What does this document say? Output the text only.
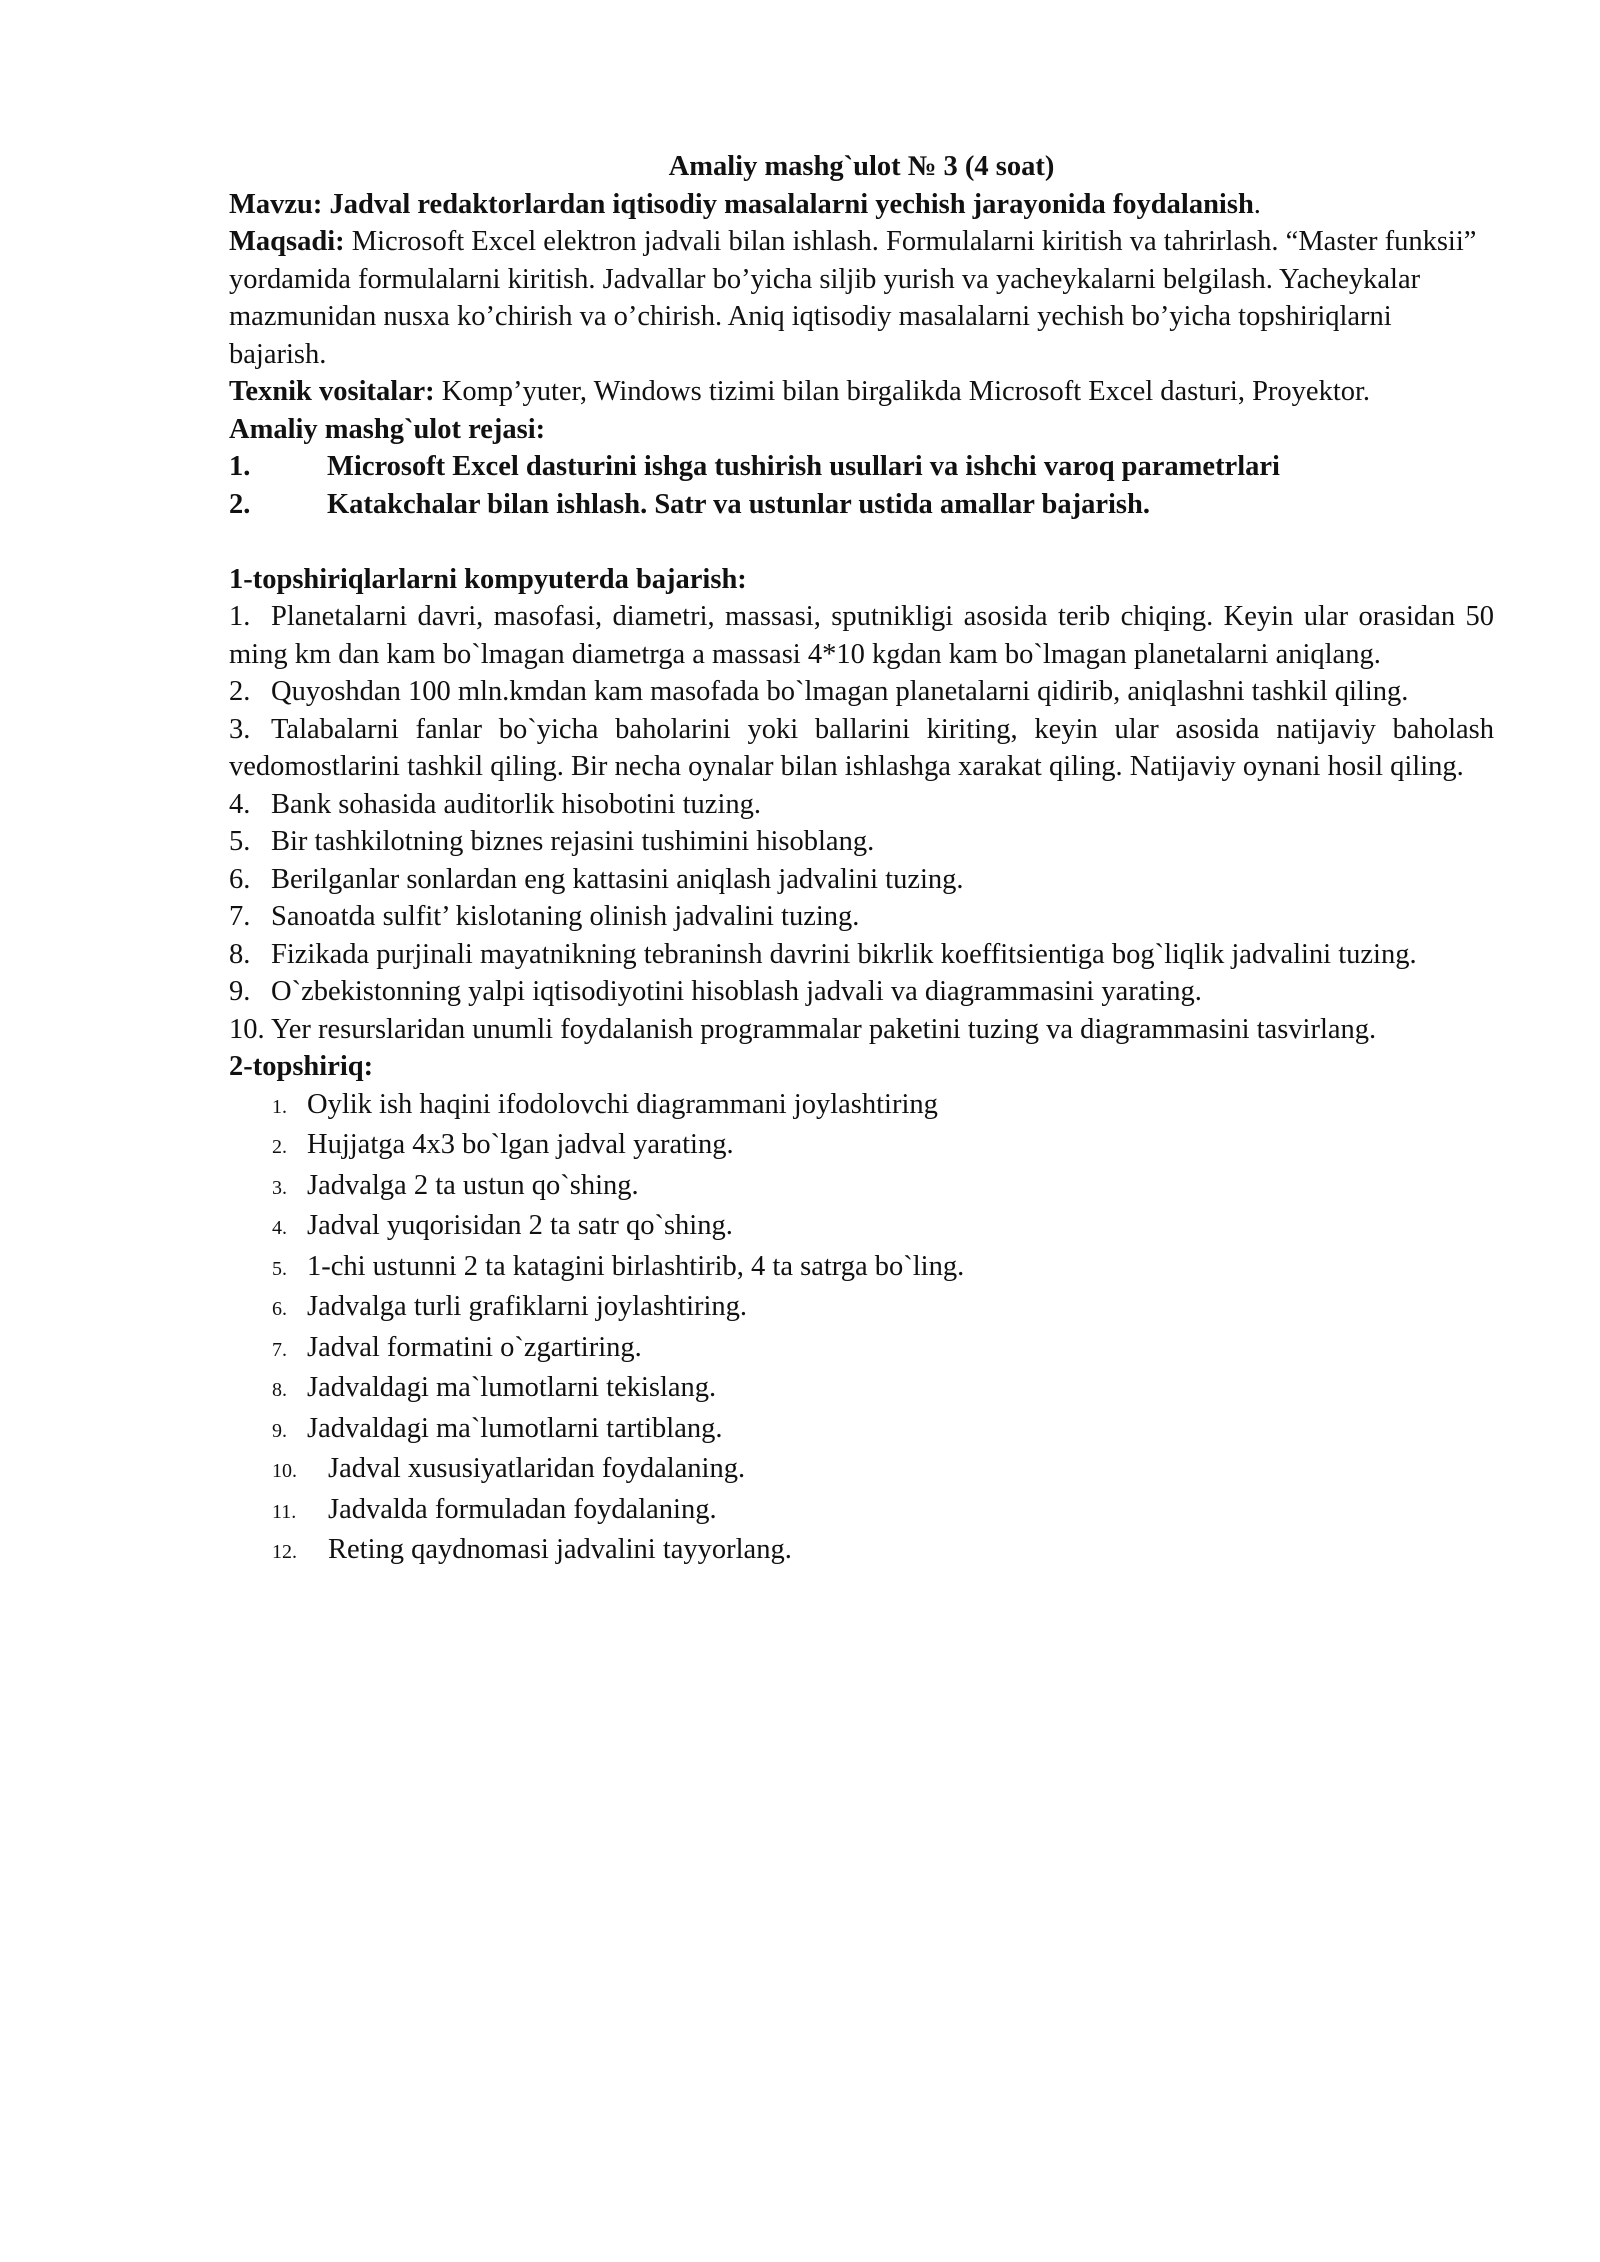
Amaliy mashg`ulot № 3 (4 soat)

Mavzu: Jadval redaktorlardan iqtisodiy masalalarni yechish jarayonida foydalanish.

Maqsadi: Microsoft Excel elektron jadvali bilan ishlash. Formulalarni kiritish va tahrirlash. “Master funksii” yordamida formulalarni kiritish. Jadvallar bo’yicha siljib yurish va yacheykalarni belgilash. Yacheykalar mazmunidan nusxa ko’chirish va o’chirish. Aniq iqtisodiy masalalarni yechish bo’yicha topshiriqlarni bajarish.

Texnik vositalar: Komp’yuter, Windows tizimi bilan birgalikda Microsoft Excel dasturi, Proyektor.

Amaliy mashg`ulot rejasi:

1.	Microsoft Excel dasturini ishga tushirish usullari va ishchi varoq parametrlari
2.	Katakchalar bilan ishlash. Satr va ustunlar ustida amallar bajarish.

1-topshiriqlarlarni kompyuterda bajarish:

1. Planetalarni davri, masofasi, diametri, massasi, sputnikligi asosida terib chiqing. Keyin ular orasidan 50 ming km dan kam bo`lmagan diametrga a massasi 4*10 kgdan kam bo`lmagan planetalarni aniqlang.
2. Quyoshdan 100 mln.kmdan kam masofada bo`lmagan planetalarni qidirib, aniqlashni tashkil qiling.
3. Talabalarni fanlar bo`yicha baholarini yoki ballarini kiriting, keyin ular asosida natijaviy baholash vedomostlarini tashkil qiling. Bir necha oynalar bilan ishlashga xarakat qiling. Natijaviy oynani hosil qiling.
4. Bank sohasida auditorlik hisobotini tuzing.
5. Bir tashkilotning biznes rejasini tushimini hisoblang.
6. Berilganlar sonlardan eng kattasini aniqlash jadvalini tuzing.
7. Sanoatda sulfit’ kislotaning olinish jadvalini tuzing.
8. Fizikada purjinali mayatnikning tebraninsh davrini bikrlik koeffitsientiga bog`liqlik jadvalini tuzing.
9. O`zbekistonning yalpi iqtisodiyotini hisoblash jadvali va diagrammasini yarating.
10. Yer resurslaridan unumli foydalanish programmalar paketini tuzing va diagrammasini tasvirlang.

2-topshiriq:

1. Oylik ish haqini ifodolovchi diagrammani joylashtiring
2. Hujjatga 4x3 bo`lgan jadval yarating.
3. Jadvalga 2 ta ustun qo`shing.
4. Jadval yuqorisidan 2 ta satr qo`shing.
5. 1-chi ustunni 2 ta katagini birlashtirib, 4 ta satrga bo`ling.
6. Jadvalga turli grafiklarni joylashtiring.
7. Jadval formatini o`zgartiring.
8. Jadvaldagi ma`lumotlarni tekislang.
9. Jadvaldagi ma`lumotlarni tartiblang.
10.	Jadval xususiyatlaridan foydalaning.
11.	Jadvalda formuladan foydalaning.
12.	Reting qaydnomasi jadvalini tayyorlang.
